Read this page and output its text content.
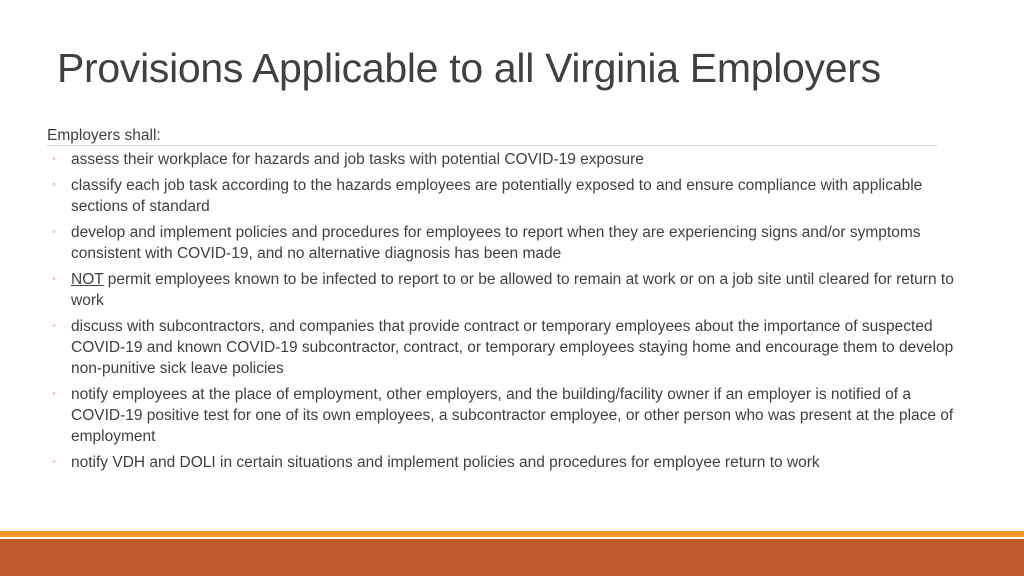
Provisions Applicable to all Virginia Employers
Employers shall:
◦ assess their workplace for hazards and job tasks with potential COVID-19 exposure
◦ classify each job task according to the hazards employees are potentially exposed to and ensure compliance with applicable sections of standard
◦ develop and implement policies and procedures for employees to report when they are experiencing signs and/or symptoms consistent with COVID-19, and no alternative diagnosis has been made
◦ NOT permit employees known to be infected to report to or be allowed to remain at work or on a job site until cleared for return to work
◦ discuss with subcontractors, and companies that provide contract or temporary employees about the importance of suspected COVID-19 and known COVID-19 subcontractor, contract, or temporary employees staying home and encourage them to develop non-punitive sick leave policies
◦ notify employees at the place of employment, other employers, and the building/facility owner if an employer is notified of a COVID-19 positive test for one of its own employees, a subcontractor employee, or other person who was present at the place of employment
◦ notify VDH and DOLI in certain situations and implement policies and procedures for employee return to work
